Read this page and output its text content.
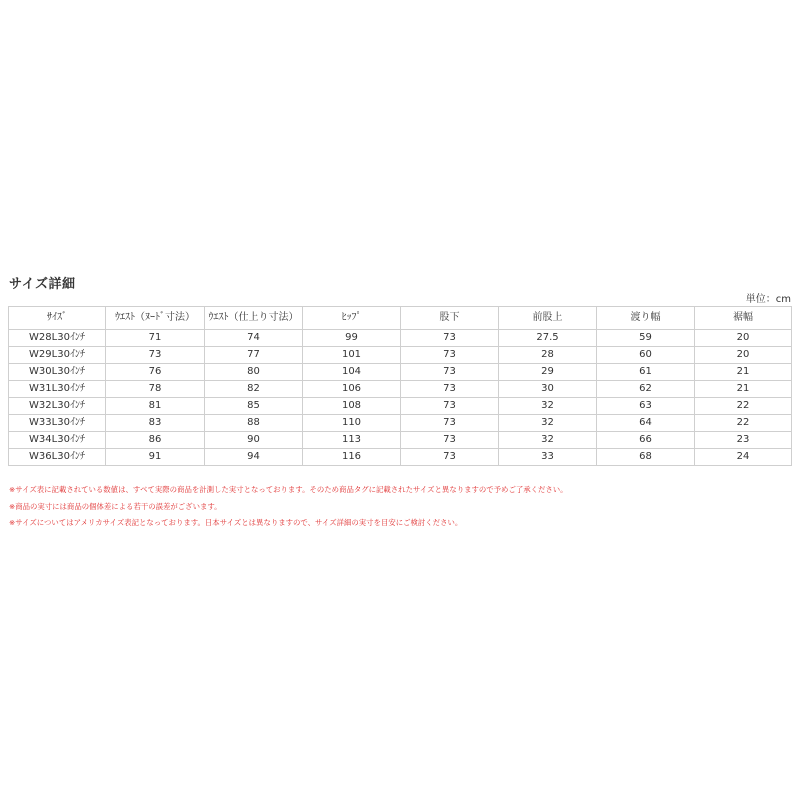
サイズ詳細
単位：cm
ｻｲｽﾞ	ｳｴｽﾄ（ﾇｰﾄﾞ寸法）	ｳｴｽﾄ（仕上り寸法）	ﾋｯﾌﾟ	股下	前股上	渡り幅	裾幅
W28L30ｲﾝﾁ	71	74	99	73	27.5	59	20
W29L30ｲﾝﾁ	73	77	101	73	28	60	20
W30L30ｲﾝﾁ	76	80	104	73	29	61	21
W31L30ｲﾝﾁ	78	82	106	73	30	62	21
W32L30ｲﾝﾁ	81	85	108	73	32	63	22
W33L30ｲﾝﾁ	83	88	110	73	32	64	22
W34L30ｲﾝﾁ	86	90	113	73	32	66	23
W36L30ｲﾝﾁ	91	94	116	73	33	68	24

※サイズ表に記載されている数値は、すべて実際の商品を計測した実寸となっております。そのため商品タグに記載されたサイズと異なりますので予めご了承ください。

※商品の実寸には商品の個体差による若干の誤差がございます。

※サイズについてはアメリカサイズ表記となっております。日本サイズとは異なりますので、サイズ詳細の実寸を目安にご検討ください。
